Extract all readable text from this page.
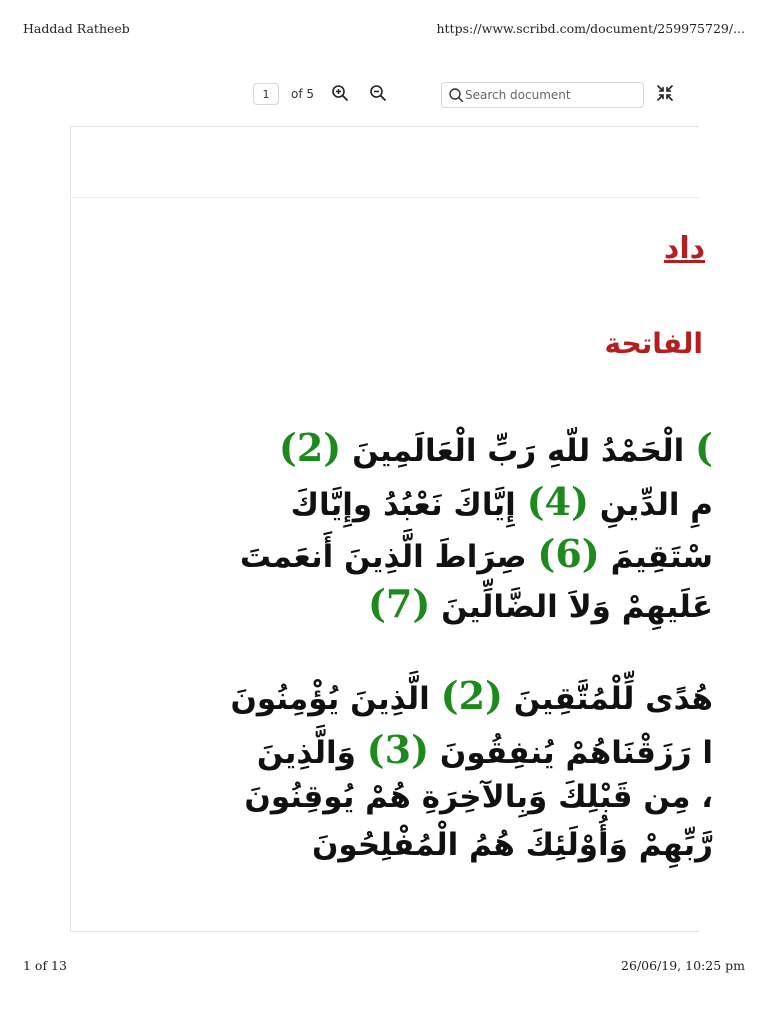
Haddad Ratheeb	https://www.scribd.com/document/259975729/...
1
of 5
Search document
داد
الفاتحة
( الْحَمْدُ للّهِ رَبِّ الْعَالَمِينَ (2)
مِ الدِّينِ (4) إِيَّاكَ نَعْبُدُ وإِيَّاكَ
سْتَقِيمَ (6) صِرَاطَ الَّذِينَ أَنعَمتَ
عَلَيهِمْ وَلاَ الضَّالِّينَ (7)
هُدًى لِّلْمُتَّقِينَ (2) الَّذِينَ يُؤْمِنُونَ
ا رَزَقْنَاهُمْ يُنفِقُونَ (3) وَالَّذِينَ
، مِن قَبْلِكَ وَبِالآخِرَةِ هُمْ يُوقِنُونَ
رَّبِّهِمْ وَأُوْلَئِكَ هُمُ الْمُفْلِحُونَ
1 of 13	26/06/19, 10:25 pm
